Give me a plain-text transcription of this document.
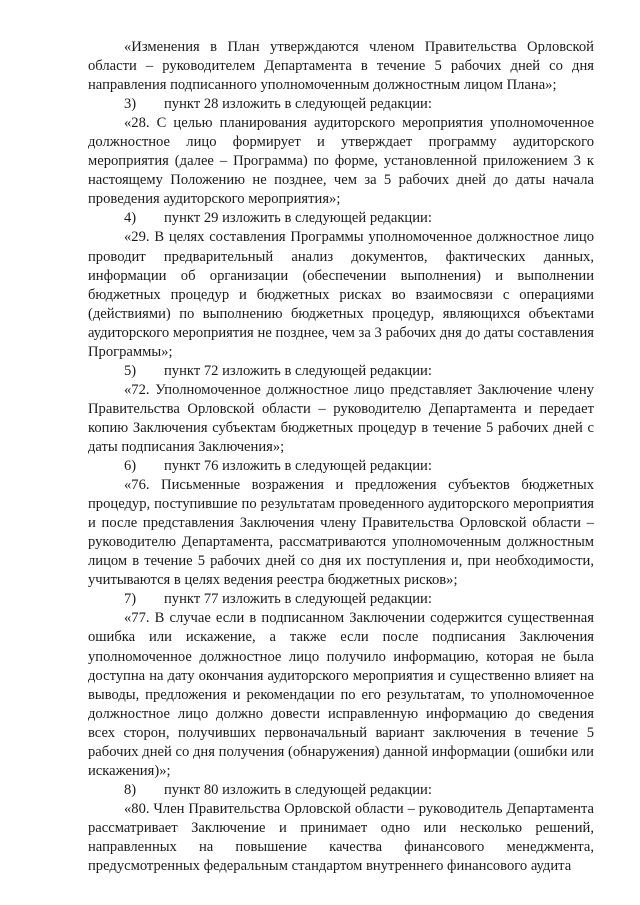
«Изменения в План утверждаются членом Правительства Орловской области – руководителем Департамента в течение 5 рабочих дней со дня направления подписанного уполномоченным должностным лицом Плана»;

3)	пункт 28 изложить в следующей редакции:

«28. С целью планирования аудиторского мероприятия уполномоченное должностное лицо формирует и утверждает программу аудиторского мероприятия (далее – Программа) по форме, установленной приложением 3 к настоящему Положению не позднее, чем за 5 рабочих дней до даты начала проведения аудиторского мероприятия»;

4)	пункт 29 изложить в следующей редакции:

«29. В целях составления Программы уполномоченное должностное лицо проводит предварительный анализ документов, фактических данных, информации об организации (обеспечении выполнения) и выполнении бюджетных процедур и бюджетных рисках во взаимосвязи с операциями (действиями) по выполнению бюджетных процедур, являющихся объектами аудиторского мероприятия не позднее, чем за 3 рабочих дня до даты составления Программы»;

5)	пункт 72 изложить в следующей редакции:

«72. Уполномоченное должностное лицо представляет Заключение члену Правительства Орловской области – руководителю Департамента и передает копию Заключения субъектам бюджетных процедур в течение 5 рабочих дней с даты подписания Заключения»;

6)	пункт 76 изложить в следующей редакции:

«76. Письменные возражения и предложения субъектов бюджетных процедур, поступившие по результатам проведенного аудиторского мероприятия и после представления Заключения члену Правительства Орловской области – руководителю Департамента, рассматриваются уполномоченным должностным лицом в течение 5 рабочих дней со дня их поступления и, при необходимости, учитываются в целях ведения реестра бюджетных рисков»;

7)	пункт 77 изложить в следующей редакции:

«77. В случае если в подписанном Заключении содержится существенная ошибка или искажение, а также если после подписания Заключения уполномоченное должностное лицо получило информацию, которая не была доступна на дату окончания аудиторского мероприятия и существенно влияет на выводы, предложения и рекомендации по его результатам, то уполномоченное должностное лицо должно довести исправленную информацию до сведения всех сторон, получивших первоначальный вариант заключения в течение 5 рабочих дней со дня получения (обнаружения) данной информации (ошибки или искажения)»;

8)	пункт 80 изложить в следующей редакции:

«80. Член Правительства Орловской области – руководитель Департамента рассматривает Заключение и принимает одно или несколько решений, направленных на повышение качества финансового менеджмента, предусмотренных федеральным стандартом внутреннего финансового аудита
